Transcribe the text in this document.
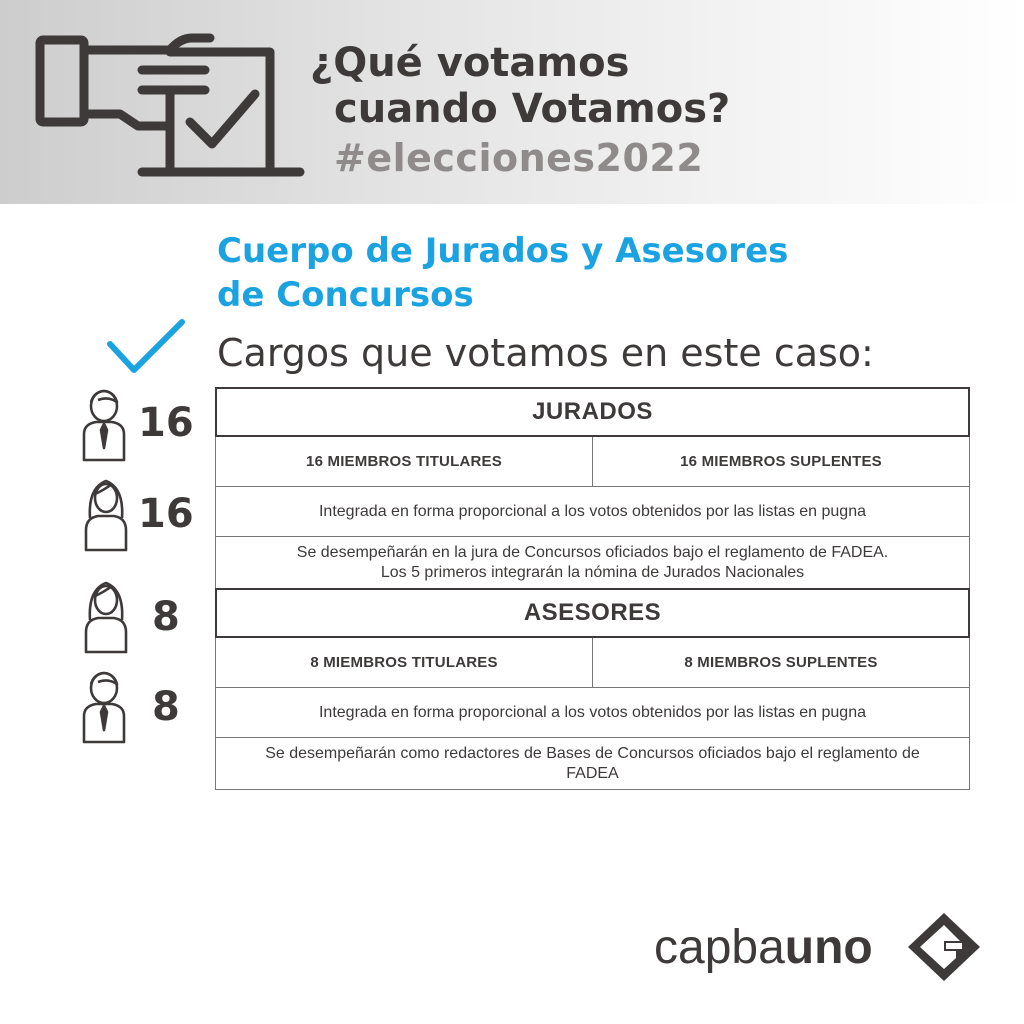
¿Qué votamos
cuando Votamos?
#elecciones2022
Cuerpo de Jurados y Asesores
de Concursos
Cargos que votamos en este caso:
16
16
8
8
JURADOS
16 MIEMBROS TITULARES	16 MIEMBROS SUPLENTES
Integrada en forma proporcional a los votos obtenidos por las listas en pugna
Se desempeñarán en la jura de Concursos oficiados bajo el reglamento de FADEA.
Los 5 primeros integrarán la nómina de Jurados Nacionales
ASESORES
8 MIEMBROS TITULARES	8 MIEMBROS SUPLENTES
Integrada en forma proporcional a los votos obtenidos por las listas en pugna
Se desempeñarán como redactores de Bases de Concursos oficiados bajo el reglamento de
FADEA
capbauno
